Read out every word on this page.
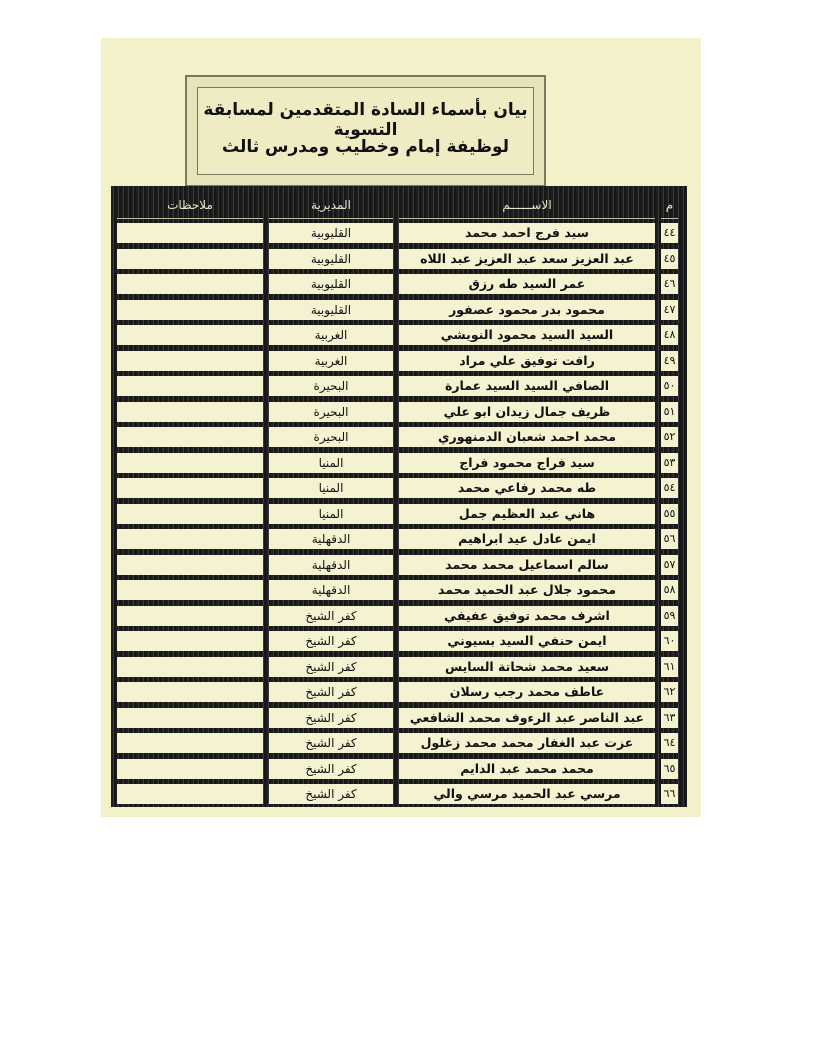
بيان بأسماء السادة المتقدمين لمسابقة التسوية
لوظيفة إمام وخطيب ومدرس ثالث
ملاحظات	المديرية	الاســــــم	م
القليوبية	سيد فرج احمد محمد	٤٤
القليوبية	عبد العزيز سعد عبد العزيز عبد اللاه	٤٥
القليوبية	عمر السيد طه رزق	٤٦
القليوبية	محمود بدر محمود عصفور	٤٧
الغربية	السيد السيد محمود النويشي	٤٨
الغربية	رافت توفيق علي مراد	٤٩
البحيرة	الصافي السيد السيد عمارة	٥٠
البحيرة	ظريف جمال زيدان ابو علي	٥١
البحيرة	محمد احمد شعبان الدمنهوري	٥٢
المنيا	سيد فراج محمود فراج	٥٣
المنيا	طه محمد رفاعي محمد	٥٤
المنيا	هاني عبد العظيم جمل	٥٥
الدقهلية	ايمن عادل عيد ابراهيم	٥٦
الدقهلية	سالم اسماعيل محمد محمد	٥٧
الدقهلية	محمود جلال عبد الحميد محمد	٥٨
كفر الشيخ	اشرف محمد توفيق عفيفي	٥٩
كفر الشيخ	ايمن حنفي السيد بسيوني	٦٠
كفر الشيخ	سعيد محمد شحاتة السايس	٦١
كفر الشيخ	عاطف محمد رجب رسلان	٦٢
كفر الشيخ	عبد الناصر عبد الرءوف محمد الشافعي	٦٣
كفر الشيخ	عزت عبد الغفار محمد محمد زغلول	٦٤
كفر الشيخ	محمد محمد عبد الدايم	٦٥
كفر الشيخ	مرسي عبد الحميد مرسي والي	٦٦
